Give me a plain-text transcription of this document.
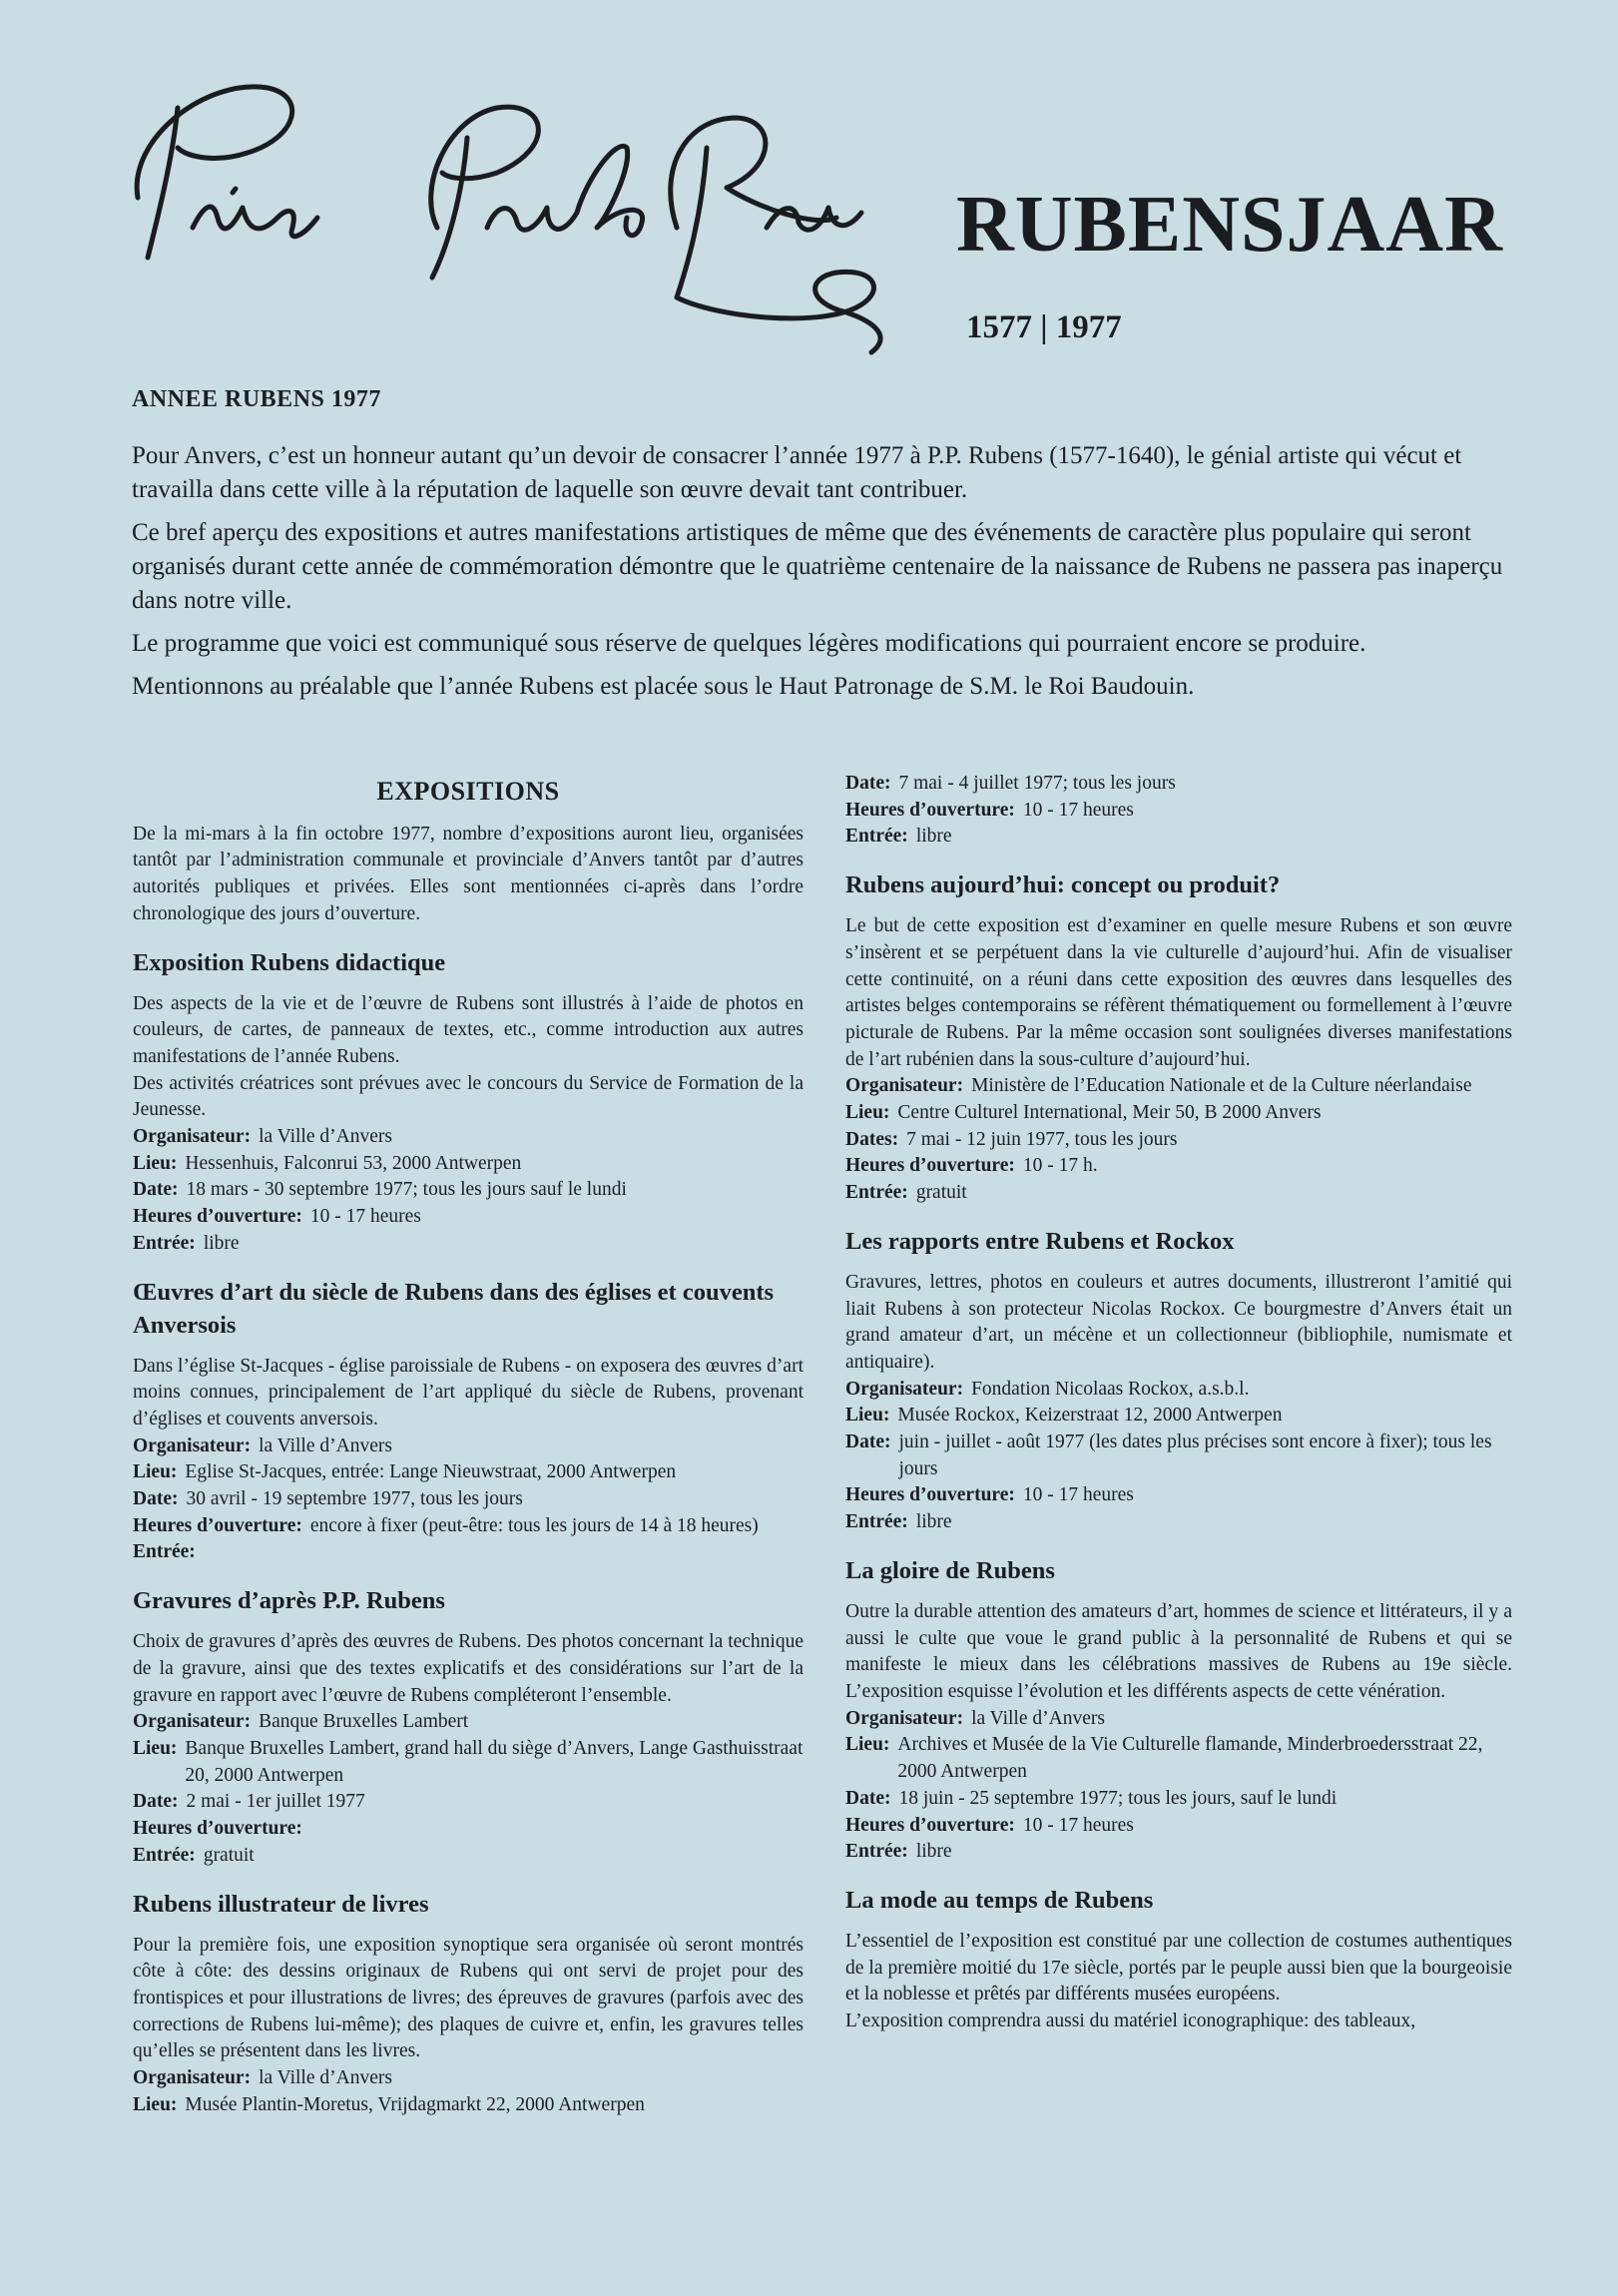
RUBENSJAAR
1577 | 1977
ANNEE RUBENS 1977

Pour Anvers, c’est un honneur autant qu’un devoir de consacrer l’année 1977 à P.P. Rubens (1577-1640), le génial artiste qui vécut et travailla dans cette ville à la réputation de laquelle son œuvre devait tant contribuer.

Ce bref aperçu des expositions et autres manifestations artistiques de même que des événements de caractère plus populaire qui seront organisés durant cette année de commémoration démontre que le quatrième centenaire de la naissance de Rubens ne passera pas inaperçu dans notre ville.

Le programme que voici est communiqué sous réserve de quelques légères modifications qui pourraient encore se produire.

Mentionnons au préalable que l’année Rubens est placée sous le Haut Patronage de S.M. le Roi Baudouin.

EXPOSITIONS

De la mi-mars à la fin octobre 1977, nombre d’expositions auront lieu, organisées tantôt par l’administration communale et provinciale d’Anvers tantôt par d’autres autorités publiques et privées. Elles sont mentionnées ci-après dans l’ordre chronologique des jours d’ouverture.

Exposition Rubens didactique

Des aspects de la vie et de l’œuvre de Rubens sont illustrés à l’aide de photos en couleurs, de cartes, de panneaux de textes, etc., comme introduction aux autres manifestations de l’année Rubens.

Des activités créatrices sont prévues avec le concours du Service de Formation de la Jeunesse.

Organisateur: la Ville d’Anvers
Lieu: Hessenhuis, Falconrui 53, 2000 Antwerpen
Date: 18 mars - 30 septembre 1977; tous les jours sauf le lundi
Heures d’ouverture: 10 - 17 heures
Entrée: libre
Œuvres d’art du siècle de Rubens dans des églises et couvents Anversois

Dans l’église St-Jacques - église paroissiale de Rubens - on exposera des œuvres d’art moins connues, principalement de l’art appliqué du siècle de Rubens, provenant d’églises et couvents anversois.

Organisateur: la Ville d’Anvers
Lieu: Eglise St-Jacques, entrée: Lange Nieuwstraat, 2000 Antwerpen
Date: 30 avril - 19 septembre 1977, tous les jours
Heures d’ouverture: encore à fixer (peut-être: tous les jours de 14 à 18 heures)
Entrée:
Gravures d’après P.P. Rubens

Choix de gravures d’après des œuvres de Rubens. Des photos concernant la technique de la gravure, ainsi que des textes explicatifs et des considérations sur l’art de la gravure en rapport avec l’œuvre de Rubens compléteront l’ensemble.

Organisateur: Banque Bruxelles Lambert
Lieu: Banque Bruxelles Lambert, grand hall du siège d’Anvers, Lange Gasthuisstraat 20, 2000 Antwerpen
Date: 2 mai - 1er juillet 1977
Heures d’ouverture:
Entrée: gratuit
Rubens illustrateur de livres

Pour la première fois, une exposition synoptique sera organisée où seront montrés côte à côte: des dessins originaux de Rubens qui ont servi de projet pour des frontispices et pour illustrations de livres; des épreuves de gravures (parfois avec des corrections de Rubens lui-même); des plaques de cuivre et, enfin, les gravures telles qu’elles se présentent dans les livres.

Organisateur: la Ville d’Anvers
Lieu: Musée Plantin-Moretus, Vrijdagmarkt 22, 2000 Antwerpen
Date: 7 mai - 4 juillet 1977; tous les jours
Heures d’ouverture: 10 - 17 heures
Entrée: libre
Rubens aujourd’hui: concept ou produit?

Le but de cette exposition est d’examiner en quelle mesure Rubens et son œuvre s’insèrent et se perpétuent dans la vie culturelle d’aujourd’hui. Afin de visualiser cette continuité, on a réuni dans cette exposition des œuvres dans lesquelles des artistes belges contemporains se réfèrent thématiquement ou formellement à l’œuvre picturale de Rubens. Par la même occasion sont soulignées diverses manifestations de l’art rubénien dans la sous-culture d’aujourd’hui.

Organisateur: Ministère de l’Education Nationale et de la Culture néerlandaise
Lieu: Centre Culturel International, Meir 50, B 2000 Anvers
Dates: 7 mai - 12 juin 1977, tous les jours
Heures d’ouverture: 10 - 17 h.
Entrée: gratuit
Les rapports entre Rubens et Rockox

Gravures, lettres, photos en couleurs et autres documents, illustreront l’amitié qui liait Rubens à son protecteur Nicolas Rockox. Ce bourgmestre d’Anvers était un grand amateur d’art, un mécène et un collectionneur (bibliophile, numismate et antiquaire).

Organisateur: Fondation Nicolaas Rockox, a.s.b.l.
Lieu: Musée Rockox, Keizerstraat 12, 2000 Antwerpen
Date: juin - juillet - août 1977 (les dates plus précises sont encore à fixer); tous les jours
Heures d’ouverture: 10 - 17 heures
Entrée: libre
La gloire de Rubens

Outre la durable attention des amateurs d’art, hommes de science et littérateurs, il y a aussi le culte que voue le grand public à la personnalité de Rubens et qui se manifeste le mieux dans les célébrations massives de Rubens au 19e siècle. L’exposition esquisse l’évolution et les différents aspects de cette vénération.

Organisateur: la Ville d’Anvers
Lieu: Archives et Musée de la Vie Culturelle flamande, Minderbroedersstraat 22, 2000 Antwerpen
Date: 18 juin - 25 septembre 1977; tous les jours, sauf le lundi
Heures d’ouverture: 10 - 17 heures
Entrée: libre
La mode au temps de Rubens

L’essentiel de l’exposition est constitué par une collection de costumes authentiques de la première moitié du 17e siècle, portés par le peuple aussi bien que la bourgeoisie et la noblesse et prêtés par différents musées européens.

L’exposition comprendra aussi du matériel iconographique: des tableaux,
